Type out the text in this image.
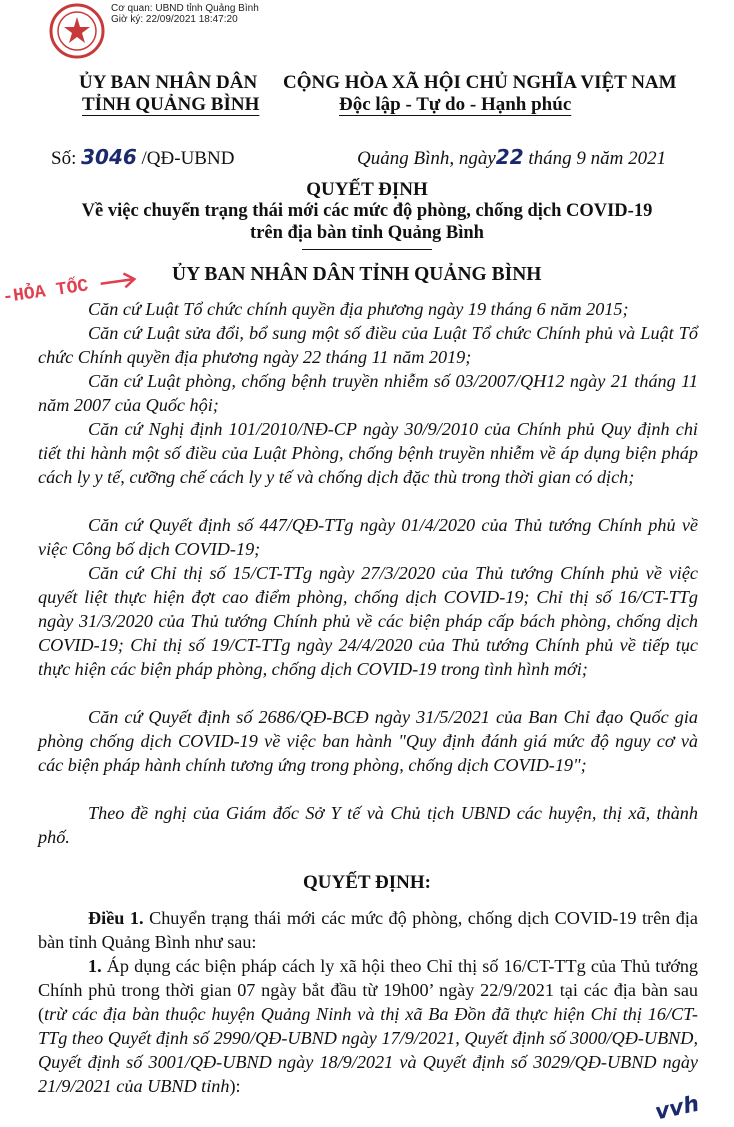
Cơ quan: UBND tỉnh Quảng Bình
Giờ ký: 22/09/2021 18:47:20
ỦY BAN NHÂN DÂN
TỈNH QUẢNG BÌNH
CỘNG HÒA XÃ HỘI CHỦ NGHĨA VIỆT NAM
Độc lập - Tự do - Hạnh phúc
Số: 3046 /QĐ-UBND	Quảng Bình, ngày22 tháng 9 năm 2021
QUYẾT ĐỊNH
Về việc chuyển trạng thái mới các mức độ phòng, chống dịch COVID-19
trên địa bàn tỉnh Quảng Bình
-HỎA TỐC
ỦY BAN NHÂN DÂN TỈNH QUẢNG BÌNH
Căn cứ Luật Tổ chức chính quyền địa phương ngày 19 tháng 6 năm 2015;
Căn cứ Luật sửa đổi, bổ sung một số điều của Luật Tổ chức Chính phủ và Luật Tổ chức Chính quyền địa phương ngày 22 tháng 11 năm 2019;
Căn cứ Luật phòng, chống bệnh truyền nhiễm số 03/2007/QH12 ngày 21 tháng 11 năm 2007 của Quốc hội;
Căn cứ Nghị định 101/2010/NĐ-CP ngày 30/9/2010 của Chính phủ Quy định chi tiết thi hành một số điều của Luật Phòng, chống bệnh truyền nhiễm về áp dụng biện pháp cách ly y tế, cưỡng chế cách ly y tế và chống dịch đặc thù trong thời gian có dịch;
Căn cứ Quyết định số 447/QĐ-TTg ngày 01/4/2020 của Thủ tướng Chính phủ về việc Công bố dịch COVID-19;
Căn cứ Chỉ thị số 15/CT-TTg ngày 27/3/2020 của Thủ tướng Chính phủ về việc quyết liệt thực hiện đợt cao điểm phòng, chống dịch COVID-19; Chỉ thị số 16/CT-TTg ngày 31/3/2020 của Thủ tướng Chính phủ về các biện pháp cấp bách phòng, chống dịch COVID-19; Chỉ thị số 19/CT-TTg ngày 24/4/2020 của Thủ tướng Chính phủ về tiếp tục thực hiện các biện pháp phòng, chống dịch COVID-19 trong tình hình mới;
Căn cứ Quyết định số 2686/QĐ-BCĐ ngày 31/5/2021 của Ban Chỉ đạo Quốc gia phòng chống dịch COVID-19 về việc ban hành "Quy định đánh giá mức độ nguy cơ và các biện pháp hành chính tương ứng trong phòng, chống dịch COVID-19";
Theo đề nghị của Giám đốc Sở Y tế và Chủ tịch UBND các huyện, thị xã, thành phố.
QUYẾT ĐỊNH:
Điều 1. Chuyển trạng thái mới các mức độ phòng, chống dịch COVID-19 trên địa bàn tỉnh Quảng Bình như sau:
1. Áp dụng các biện pháp cách ly xã hội theo Chỉ thị số 16/CT-TTg của Thủ tướng Chính phủ trong thời gian 07 ngày bắt đầu từ 19h00’ ngày 22/9/2021 tại các địa bàn sau (trừ các địa bàn thuộc huyện Quảng Ninh và thị xã Ba Đồn đã thực hiện Chỉ thị 16/CT-TTg theo Quyết định số 2990/QĐ-UBND ngày 17/9/2021, Quyết định số 3000/QĐ-UBND, Quyết định số 3001/QĐ-UBND ngày 18/9/2021 và Quyết định số 3029/QĐ-UBND ngày 21/9/2021 của UBND tỉnh):
vvh
